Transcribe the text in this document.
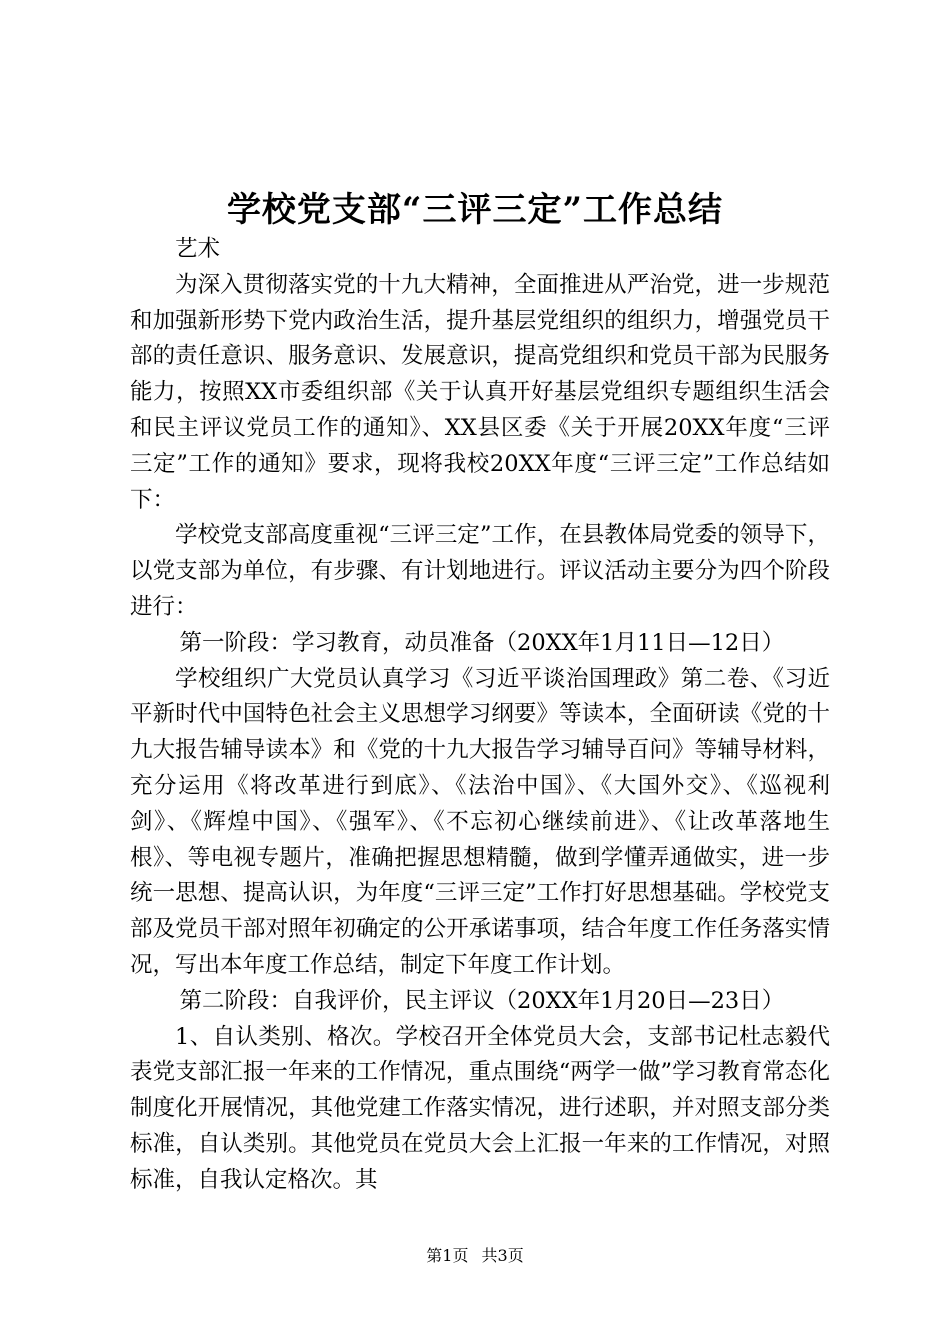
学校党支部“三评三定”工作总结

艺术

为深入贯彻落实党的十九大精神，全面推进从严治党，进一步规范和加强新形势下党内政治生活，提升基层党组织的组织力，增强党员干部的责任意识、服务意识、发展意识，提高党组织和党员干部为民服务能力，按照XX市委组织部《关于认真开好基层党组织专题组织生活会和民主评议党员工作的通知》、XX县区委《关于开展20XX年度“三评三定”工作的通知》要求，现将我校20XX年度“三评三定”工作总结如下：

学校党支部高度重视“三评三定”工作，在县教体局党委的领导下，以党支部为单位，有步骤、有计划地进行。评议活动主要分为四个阶段进行：

第一阶段：学习教育，动员准备（20XX年1月11日—12日）

学校组织广大党员认真学习《习近平谈治国理政》第二卷、《习近平新时代中国特色社会主义思想学习纲要》等读本，全面研读《党的十九大报告辅导读本》和《党的十九大报告学习辅导百问》等辅导材料，充分运用《将改革进行到底》、《法治中国》、《大国外交》、《巡视利剑》、《辉煌中国》、《强军》、《不忘初心继续前进》、《让改革落地生根》、等电视专题片，准确把握思想精髓，做到学懂弄通做实，进一步统一思想、提高认识，为年度“三评三定”工作打好思想基础。学校党支部及党员干部对照年初确定的公开承诺事项，结合年度工作任务落实情况，写出本年度工作总结，制定下年度工作计划。

第二阶段：自我评价，民主评议（20XX年1月20日—23日）

1、自认类别、格次。学校召开全体党员大会，支部书记杜志毅代表党支部汇报一年来的工作情况，重点围绕“两学一做”学习教育常态化制度化开展情况，其他党建工作落实情况，进行述职，并对照支部分类标准，自认类别。其他党员在党员大会上汇报一年来的工作情况，对照标准，自我认定格次。其

第1页 共3页
